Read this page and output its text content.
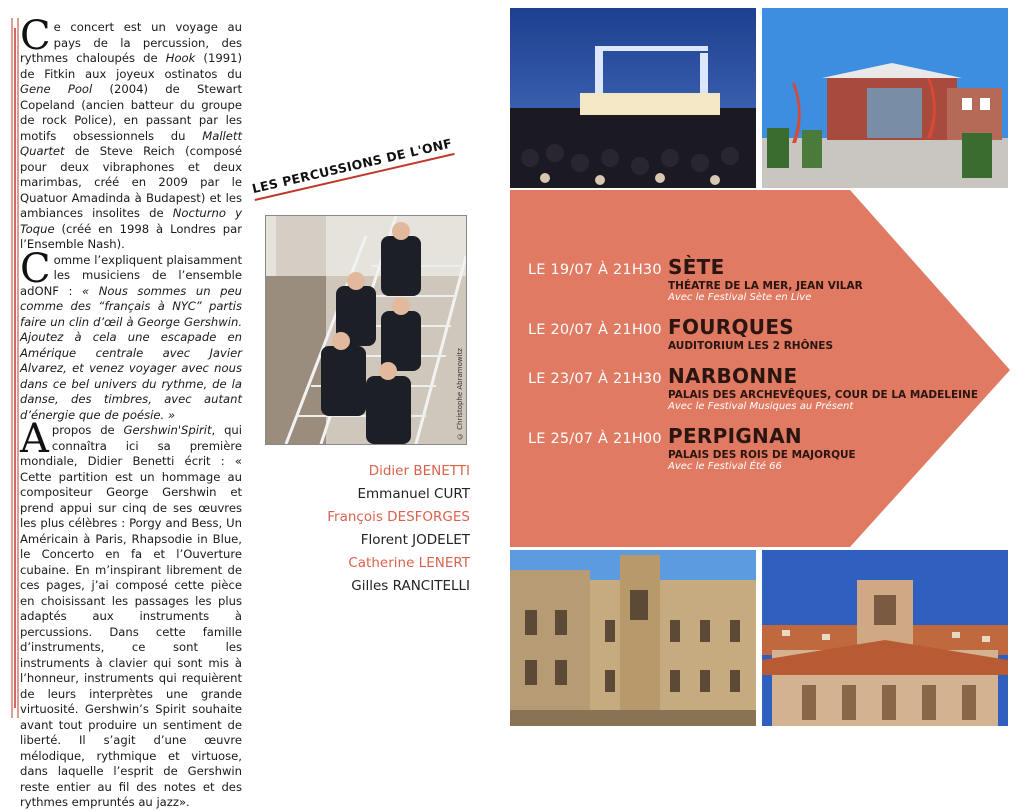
Ce concert est un voyage au pays de la percussion, des rythmes chaloupés de Hook (1991) de Fitkin aux joyeux ostinatos du Gene Pool (2004) de Stewart Copeland (ancien batteur du groupe de rock Police), en passant par les motifs obsessionnels du Mallett Quartet de Steve Reich (composé pour deux vibraphones et deux marimbas, créé en 2009 par le Quatuor Amadinda à Budapest) et les ambiances insolites de Nocturno y Toque (créé en 1998 à Londres par l’Ensemble Nash).

Comme l’expliquent plaisamment les musiciens de l’ensemble adONF : « Nous sommes un peu comme des “français à NYC” partis faire un clin d’œil à George Gershwin. Ajoutez à cela une escapade en Amérique centrale avec Javier Alvarez, et venez voyager avec nous dans ce bel univers du rythme, de la danse, des timbres, avec autant d’énergie que de poésie. »

A propos de Gershwin'Spirit, qui connaîtra ici sa première mondiale, Didier Benetti écrit : « Cette partition est un hommage au compositeur George Gershwin et prend appui sur cinq de ses œuvres les plus célèbres : Porgy and Bess, Un Américain à Paris, Rhapsodie in Blue, le Concerto en fa et l’Ouverture cubaine. En m’inspirant librement de ces pages, j’ai composé cette pièce en choisissant les passages les plus adaptés aux instruments à percussions. Dans cette famille d’instruments, ce sont les instruments à clavier qui sont mis à l’honneur, instruments qui requièrent de leurs interprètes une grande virtuosité. Gershwin’s Spirit souhaite avant tout produire un sentiment de liberté. Il s’agit d’une œuvre mélodique, rythmique et virtuose, dans laquelle l’esprit de Gershwin reste entier au fil des notes et des rythmes empruntés au jazz».

LES PERCUSSIONS DE L'ONF
© Christophe Abramowitz
Didier BENETTI
Emmanuel CURT
François DESFORGES
Florent JODELET
Catherine LENERT
Gilles RANCITELLI
LE 19/07 À 21H30 SÈTE
THÉATRE DE LA MER, JEAN VILAR
Avec le Festival Sète en Live
LE 20/07 À 21H00 FOURQUES
AUDITORIUM LES 2 RHÔNES
LE 23/07 À 21H30 NARBONNE
PALAIS DES ARCHEVÊQUES, COUR DE LA MADELEINE
Avec le Festival Musiques au Présent
LE 25/07 À 21H00 PERPIGNAN
PALAIS DES ROIS DE MAJORQUE
Avec le Festival Été 66
